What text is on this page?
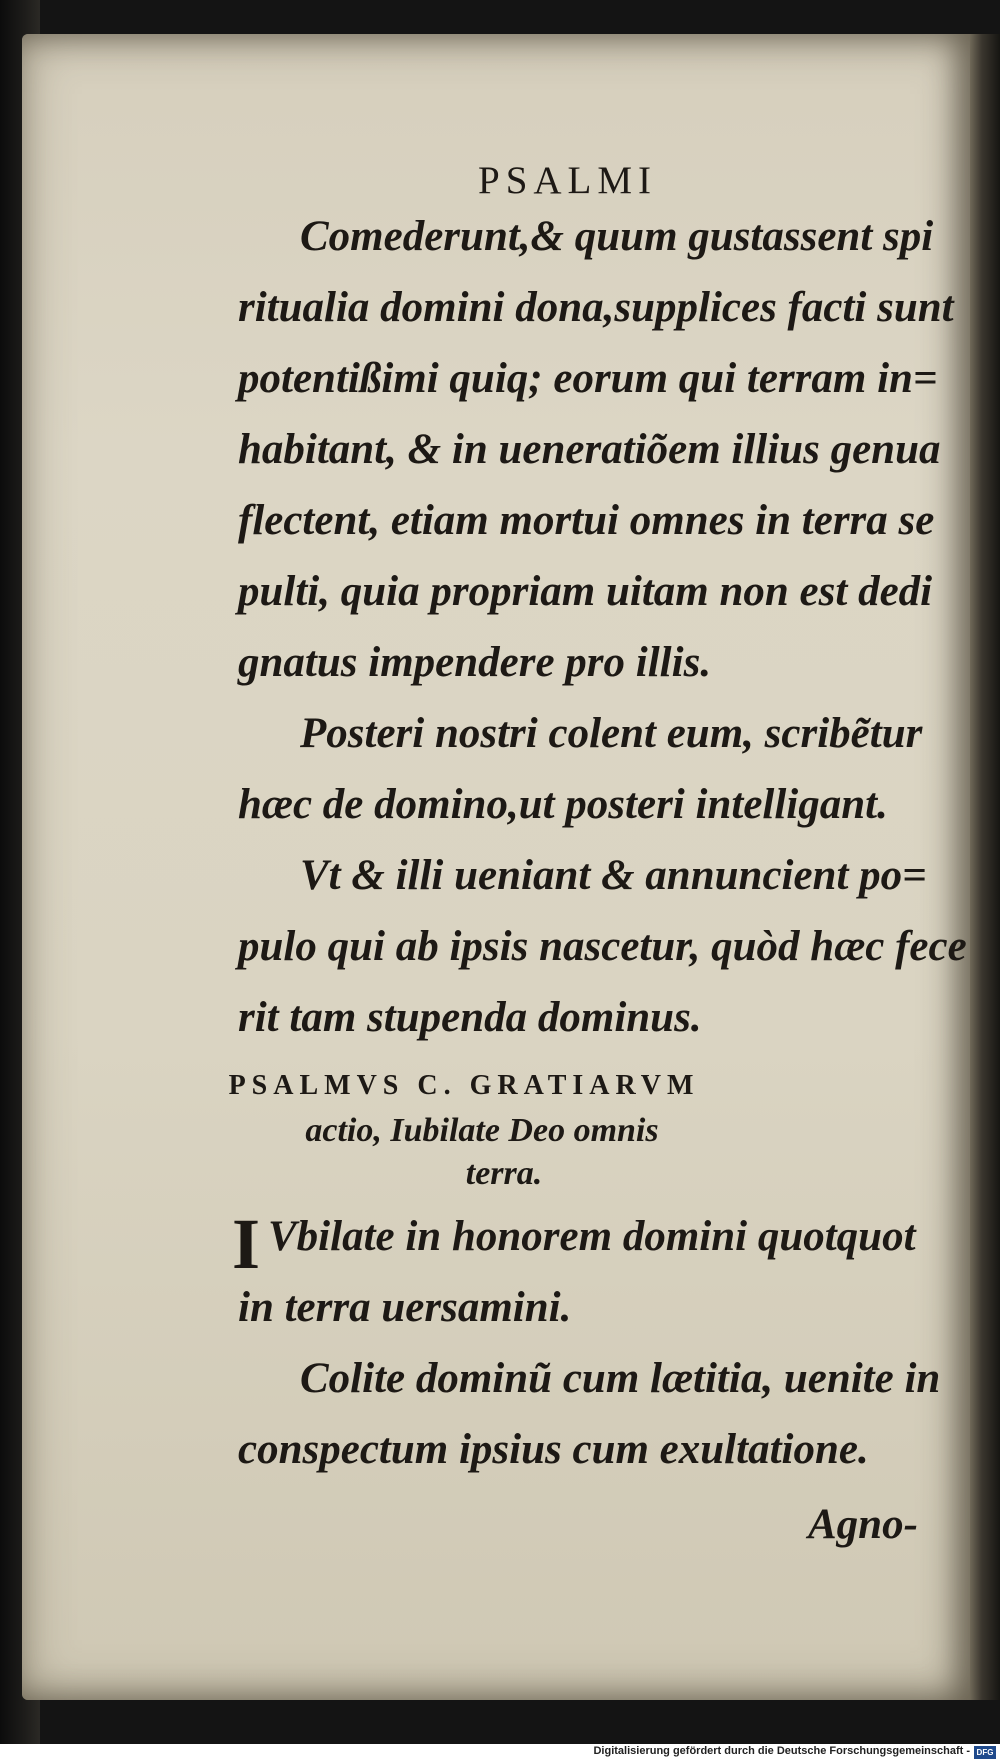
PSALMI
Comederunt,& quum gustassent spi
ritualia domini dona,supplices facti sunt
potentißimi quiq; eorum qui terram in=
habitant, & in ueneratiõem illius genua
flectent, etiam mortui omnes in terra se
pulti, quia propriam uitam non est dedi
gnatus impendere pro illis.
Posteri nostri colent eum, scribẽtur
hæc de domino,ut posteri intelligant.
Vt & illi ueniant & annuncient po=
pulo qui ab ipsis nascetur, quòd hæc fece
rit tam stupenda dominus.
PSALMVS C. GRATIARVM
actio, Iubilate Deo omnis
terra.
I Vbilate in honorem domini quotquot
in terra uersamini.
Colite dominũ cum lætitia, uenite in
conspectum ipsius cum exultatione.
Agno-
Digitalisierung gefördert durch die Deutsche Forschungsgemeinschaft - DFG
